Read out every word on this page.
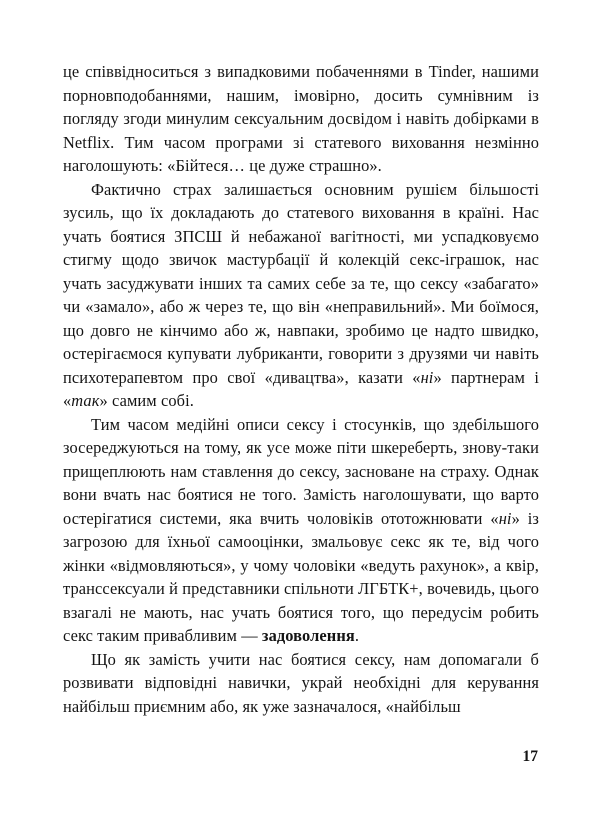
це співвідноситься з випадковими побаченнями в Tinder, нашими порновподобаннями, нашим, імовірно, досить сумнівним із погляду згоди минулим сексуальним досвідом і навіть добірками в Netflix. Тим часом програми зі статевого виховання незмінно наголошують: «Бійтеся… це дуже страшно».

Фактично страх залишається основним рушієм більшості зусиль, що їх докладають до статевого виховання в країні. Нас учать боятися ЗПСШ й небажаної вагітності, ми успадковуємо стигму щодо звичок мастурбації й колекцій секс-іграшок, нас учать засуджувати інших та самих себе за те, що сексу «забагато» чи «замало», або ж через те, що він «неправильний». Ми боїмося, що довго не кінчимо або ж, навпаки, зробимо це надто швидко, остерігаємося купувати лубриканти, говорити з друзями чи навіть психотерапевтом про свої «дивацтва», казати «ні» партнерам і «так» самим собі.

Тим часом медійні описи сексу і стосунків, що здебільшого зосереджуються на тому, як усе може піти шкереберть, знову-таки прищеплюють нам ставлення до сексу, засноване на страху. Однак вони вчать нас боятися не того. Замість наголошувати, що варто остерігатися системи, яка вчить чоловіків ототожнювати «ні» із загрозою для їхньої самооцінки, змальовує секс як те, від чого жінки «відмовляються», у чому чоловіки «ведуть рахунок», а квір, транссексуали й представники спільноти ЛГБТК+, вочевидь, цього взагалі не мають, нас учать боятися того, що передусім робить секс таким привабливим — задоволення.

Що як замість учити нас боятися сексу, нам допомагали б розвивати відповідні навички, украй необхідні для керування найбільш приємним або, як уже зазначалося, «найбільш

17
